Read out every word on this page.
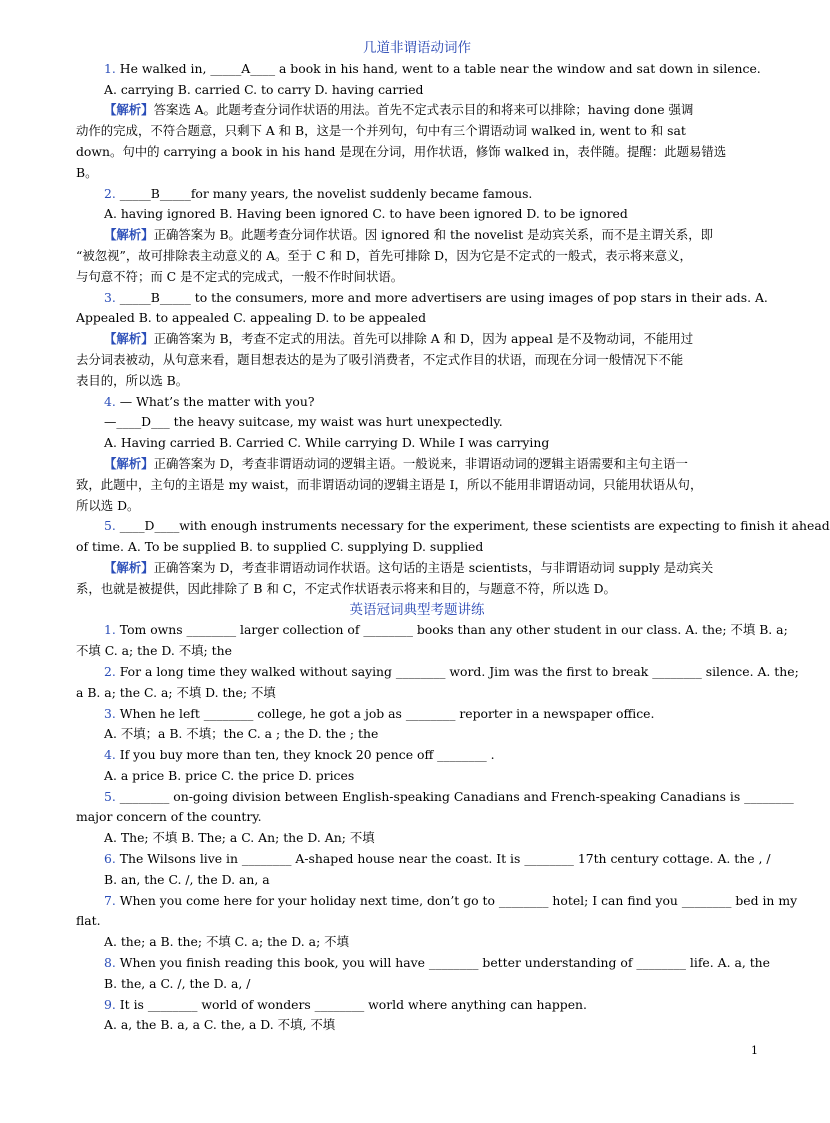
几道非谓语动词作
1. He walked in, _____A____ a book in his hand, went to a table near the window and sat down in silence.
A. carrying B. carried C. to carry D. having carried
【解析】答案选 A。此题考查分词作状语的用法。首先不定式表示目的和将来可以排除；having done 强调
动作的完成，不符合题意，只剩下 A 和 B，这是一个并列句，句中有三个谓语动词 walked in, went to 和 sat
down。句中的 carrying a book in his hand 是现在分词，用作状语，修饰 walked in，表伴随。提醒：此题易错选
B。
2. _____B_____for many years, the novelist suddenly became famous.
A. having ignored B. Having been ignored C. to have been ignored D. to be ignored
【解析】正确答案为 B。此题考查分词作状语。因 ignored 和 the novelist 是动宾关系，而不是主谓关系，即
“被忽视”，故可排除表主动意义的 A。至于 C 和 D，首先可排除 D，因为它是不定式的一般式，表示将来意义，
与句意不符；而 C 是不定式的完成式，一般不作时间状语。
3. _____B_____ to the consumers, more and more advertisers are using images of pop stars in their ads. A.
Appealed B. to appealed C. appealing D. to be appealed
【解析】正确答案为 B，考查不定式的用法。首先可以排除 A 和 D，因为 appeal 是不及物动词，不能用过
去分词表被动，从句意来看，题目想表达的是为了吸引消费者，不定式作目的状语，而现在分词一般情况下不能
表目的，所以选 B。
4. — What’s the matter with you?
—____D___ the heavy suitcase, my waist was hurt unexpectedly.
A. Having carried B. Carried C. While carrying D. While I was carrying
【解析】正确答案为 D，考查非谓语动词的逻辑主语。一般说来，非谓语动词的逻辑主语需要和主句主语一
致，此题中，主句的主语是 my waist，而非谓语动词的逻辑主语是 I，所以不能用非谓语动词，只能用状语从句，
所以选 D。
5. ____D____with enough instruments necessary for the experiment, these scientists are expecting to finish it ahead
of time. A. To be supplied B. to supplied C. supplying D. supplied
【解析】正确答案为 D，考查非谓语动词作状语。这句话的主语是 scientists，与非谓语动词 supply 是动宾关
系，也就是被提供，因此排除了 B 和 C，不定式作状语表示将来和目的，与题意不符，所以选 D。
英语冠词典型考题讲练
1. Tom owns ________ larger collection of ________ books than any other student in our class. A. the; 不填 B. a;
不填 C. a; the D. 不填; the
2. For a long time they walked without saying ________ word. Jim was the first to break ________ silence. A. the;
a B. a; the C. a; 不填 D. the; 不填
3. When he left ________ college, he got a job as ________ reporter in a newspaper office.
A. 不填；a B. 不填；the C. a ; the D. the ; the
4. If you buy more than ten, they knock 20 pence off ________ .
A. a price B. price C. the price D. prices
5. ________ on-going division between English-speaking Canadians and French-speaking Canadians is ________
major concern of the country.
A. The; 不填 B. The; a C. An; the D. An; 不填
6. The Wilsons live in ________ A-shaped house near the coast. It is ________ 17th century cottage. A. the , /
B. an, the C. /, the D. an, a
7. When you come here for your holiday next time, don’t go to ________ hotel; I can find you ________ bed in my
flat.
A. the; a B. the; 不填 C. a; the D. a; 不填
8. When you finish reading this book, you will have ________ better understanding of ________ life. A. a, the
B. the, a C. /, the D. a, /
9. It is ________ world of wonders ________ world where anything can happen.
A. a, the B. a, a C. the, a D. 不填, 不填
1
